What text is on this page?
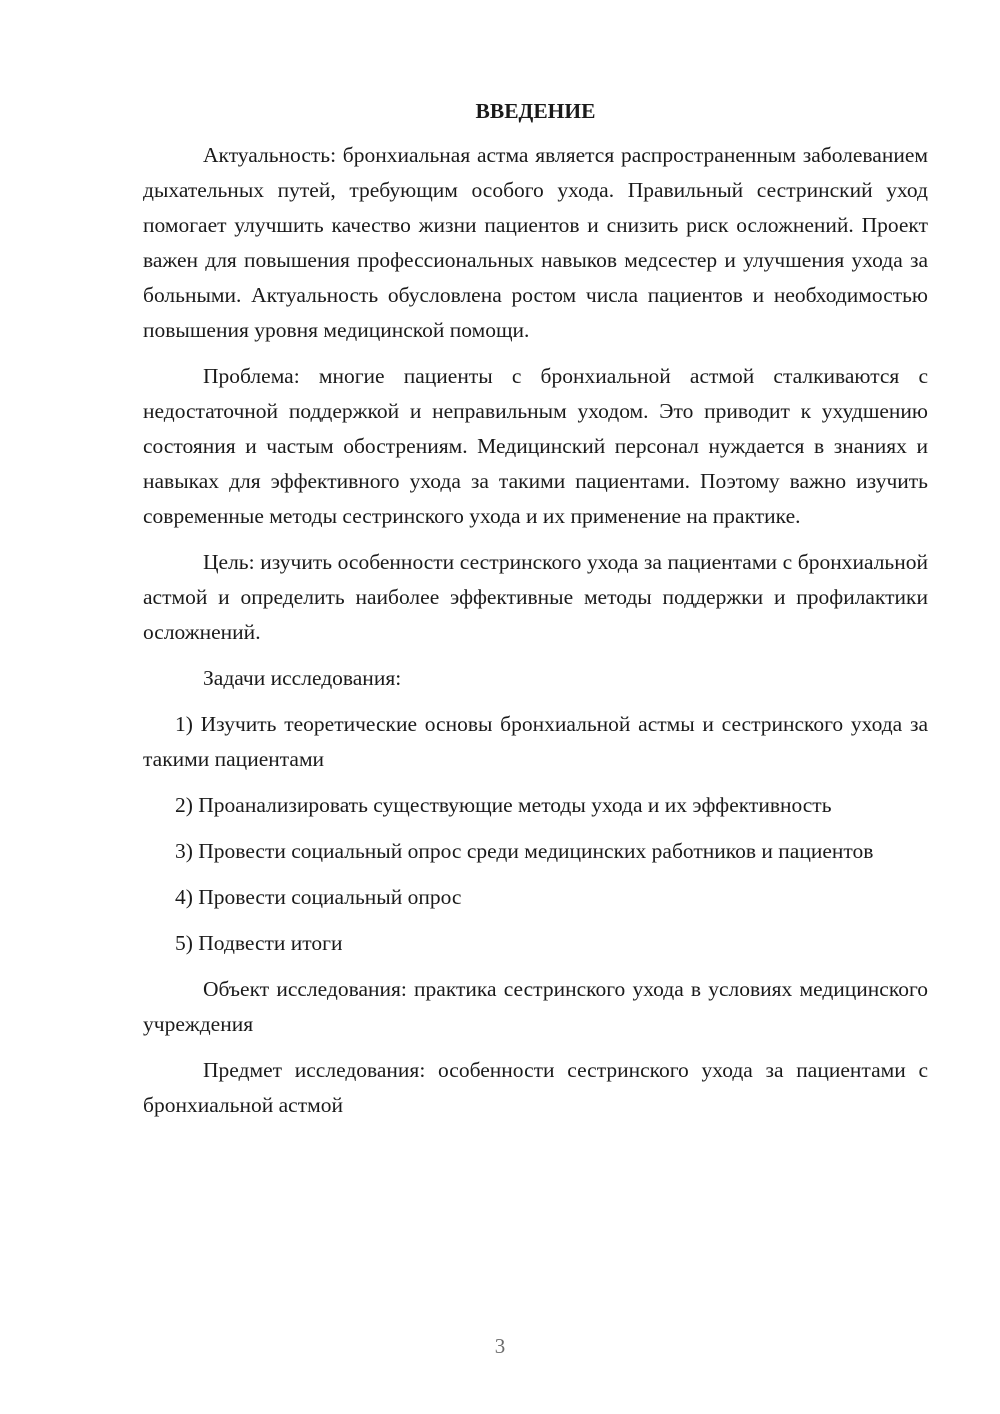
ВВЕДЕНИЕ

Актуальность: бронхиальная астма является распространенным заболеванием дыхательных путей, требующим особого ухода. Правильный сестринский уход помогает улучшить качество жизни пациентов и снизить риск осложнений. Проект важен для повышения профессиональных навыков медсестер и улучшения ухода за больными. Актуальность обусловлена ростом числа пациентов и необходимостью повышения уровня медицинской помощи.

Проблема: многие пациенты с бронхиальной астмой сталкиваются с недостаточной поддержкой и неправильным уходом. Это приводит к ухудшению состояния и частым обострениям. Медицинский персонал нуждается в знаниях и навыках для эффективного ухода за такими пациентами. Поэтому важно изучить современные методы сестринского ухода и их применение на практике.

Цель: изучить особенности сестринского ухода за пациентами с бронхиальной астмой и определить наиболее эффективные методы поддержки и профилактики осложнений.

Задачи исследования:

1) Изучить теоретические основы бронхиальной астмы и сестринского ухода за такими пациентами

2) Проанализировать существующие методы ухода и их эффективность

3) Провести социальный опрос среди медицинских работников и пациентов

4) Провести социальный опрос

5) Подвести итоги

Объект исследования: практика сестринского ухода в условиях медицинского учреждения

Предмет исследования: особенности сестринского ухода за пациентами с бронхиальной астмой

3
